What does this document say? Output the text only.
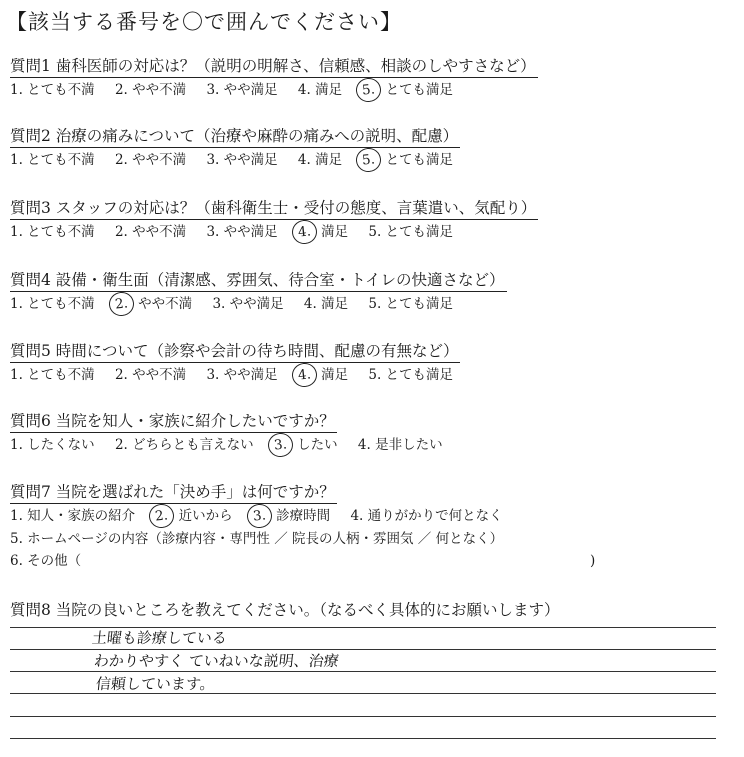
【該当する番号を〇で囲んでください】
質問1 歯科医師の対応は？（説明の明解さ、信頼感、相談のしやすさなど）
1. とても不満 2. やや不満 3. やや満足 4. 満足 5. とても満足
質問2 治療の痛みについて（治療や麻酔の痛みへの説明、配慮）
1. とても不満 2. やや不満 3. やや満足 4. 満足 5. とても満足
質問3 スタッフの対応は？（歯科衛生士・受付の態度、言葉遣い、気配り）
1. とても不満 2. やや不満 3. やや満足 4. 満足 5. とても満足
質問4 設備・衛生面（清潔感、雰囲気、待合室・トイレの快適さなど）
1. とても不満 2. やや不満 3. やや満足 4. 満足 5. とても満足
質問5 時間について（診察や会計の待ち時間、配慮の有無など）
1. とても不満 2. やや不満 3. やや満足 4. 満足 5. とても満足
質問6 当院を知人・家族に紹介したいですか？
1. したくない 2. どちらとも言えない 3. したい 4. 是非したい
質問7 当院を選ばれた「決め手」は何ですか？
1. 知人・家族の紹介 2. 近いから 3. 診療時間 4. 通りがかりで何となく
5. ホームページの内容（診療内容・専門性 ／ 院長の人柄・雰囲気 ／ 何となく）
6. その他（	)
質問8 当院の良いところを教えてください。（なるべく具体的にお願いします）
土曜も診療している
わかりやすく ていねいな説明、治療
信頼しています。
